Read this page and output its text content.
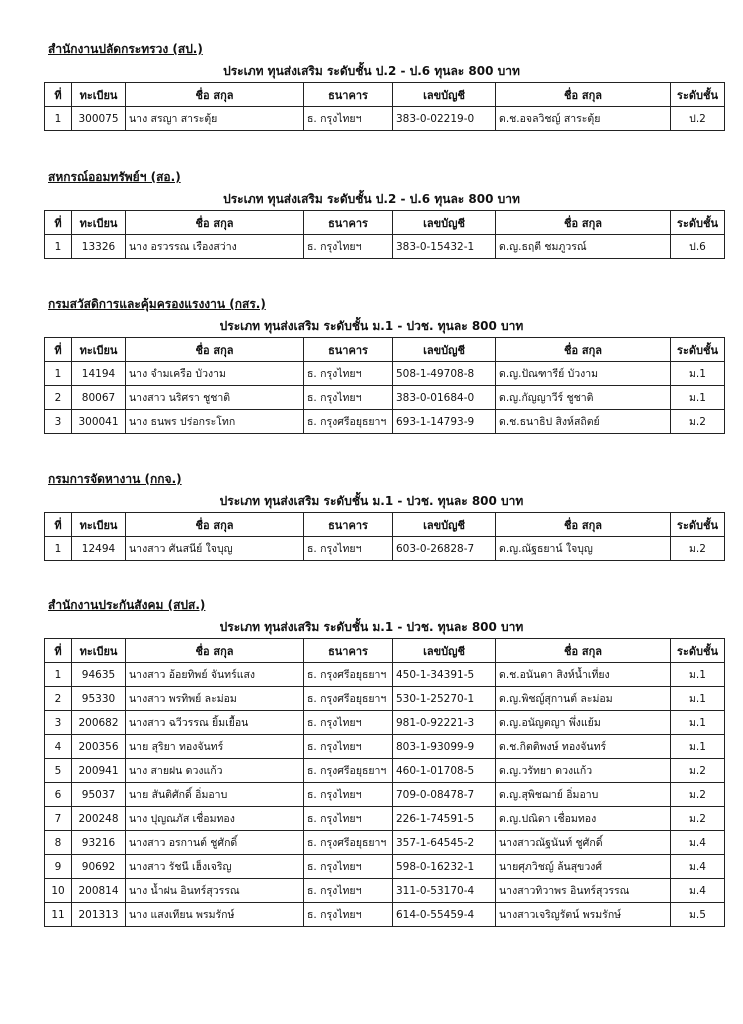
สำนักงานปลัดกระทรวง (สป.)
ประเภท ทุนส่งเสริม ระดับชั้น ป.2 - ป.6 ทุนละ 800 บาท
ที่	ทะเบียน	ชื่อ สกุล	ธนาคาร	เลขบัญชี	ชื่อ สกุล	ระดับชั้น
1	300075	นาง สรญา สาระตุ้ย	ธ. กรุงไทยฯ	383-0-02219-0	ด.ช.อจลวิชญ์ สาระตุ้ย	ป.2
สหกรณ์ออมทรัพย์ฯ (สอ.)
ประเภท ทุนส่งเสริม ระดับชั้น ป.2 - ป.6 ทุนละ 800 บาท
ที่	ทะเบียน	ชื่อ สกุล	ธนาคาร	เลขบัญชี	ชื่อ สกุล	ระดับชั้น
1	13326	นาง อรวรรณ เรืองสว่าง	ธ. กรุงไทยฯ	383-0-15432-1	ด.ญ.ธฤตี ชมภูวรณ์	ป.6
กรมสวัสดิการและคุ้มครองแรงงาน (กสร.)
ประเภท ทุนส่งเสริม ระดับชั้น ม.1 - ปวช. ทุนละ 800 บาท
ที่	ทะเบียน	ชื่อ สกุล	ธนาคาร	เลขบัญชี	ชื่อ สกุล	ระดับชั้น
1	14194	นาง จำมเครือ บัวงาม	ธ. กรุงไทยฯ	508-1-49708-8	ด.ญ.ปัณฑารีย์ บัวงาม	ม.1
2	80067	นางสาว นริศรา ชูชาติ	ธ. กรุงไทยฯ	383-0-01684-0	ด.ญ.กัญญาวีร์ ชูชาติ	ม.1
3	300041	นาง ธนพร ปร่อกระโทก	ธ. กรุงศรีอยุธยาฯ	693-1-14793-9	ด.ช.ธนาธิป สิงห์สถิตย์	ม.2
กรมการจัดหางาน (กกจ.)
ประเภท ทุนส่งเสริม ระดับชั้น ม.1 - ปวช. ทุนละ 800 บาท
ที่	ทะเบียน	ชื่อ สกุล	ธนาคาร	เลขบัญชี	ชื่อ สกุล	ระดับชั้น
1	12494	นางสาว ศันสนีย์ ใจบุญ	ธ. กรุงไทยฯ	603-0-26828-7	ด.ญ.ณัฐธยาน์ ใจบุญ	ม.2
สำนักงานประกันสังคม (สปส.)
ประเภท ทุนส่งเสริม ระดับชั้น ม.1 - ปวช. ทุนละ 800 บาท
ที่	ทะเบียน	ชื่อ สกุล	ธนาคาร	เลขบัญชี	ชื่อ สกุล	ระดับชั้น
1	94635	นางสาว อ้อยทิพย์ จันทร์แสง	ธ. กรุงศรีอยุธยาฯ	450-1-34391-5	ด.ช.อนันตา สิงห์น้ำเที่ยง	ม.1
2	95330	นางสาว พรทิพย์ ละม่อม	ธ. กรุงศรีอยุธยาฯ	530-1-25270-1	ด.ญ.พิชญ์สุกานต์ ละม่อม	ม.1
3	200682	นางสาว ฉวีวรรณ ยิ้มเยื้อน	ธ. กรุงไทยฯ	981-0-92221-3	ด.ญ.อนัญตญา พึ่งแย้ม	ม.1
4	200356	นาย สุริยา ทองจันทร์	ธ. กรุงไทยฯ	803-1-93099-9	ด.ช.กิตติพงษ์ ทองจันทร์	ม.1
5	200941	นาง สายฝน ดวงแก้ว	ธ. กรุงศรีอยุธยาฯ	460-1-01708-5	ด.ญ.วรัทยา ดวงแก้ว	ม.2
6	95037	นาย สันติศักดิ์ อิ่มอาบ	ธ. กรุงไทยฯ	709-0-08478-7	ด.ญ.สุพิชฌาย์ อิ่มอาบ	ม.2
7	200248	นาง ปุญณภัส เชื่อมทอง	ธ. กรุงไทยฯ	226-1-74591-5	ด.ญ.ปณิดา เชื่อมทอง	ม.2
8	93216	นางสาว อรกานต์ ชูศักดิ์	ธ. กรุงศรีอยุธยาฯ	357-1-64545-2	นางสาวณัฐนันท์ ชูศักดิ์	ม.4
9	90692	นางสาว รัชนี เฮ็งเจริญ	ธ. กรุงไทยฯ	598-0-16232-1	นายศุภวิชญ์ ล้นสุขวงศ์	ม.4
10	200814	นาง น้ำฝน อินทร์สุวรรณ	ธ. กรุงไทยฯ	311-0-53170-4	นางสาวทิวาพร อินทร์สุวรรณ	ม.4
11	201313	นาง แสงเทียน พรมรักษ์	ธ. กรุงไทยฯ	614-0-55459-4	นางสาวเจริญรัตน์ พรมรักษ์	ม.5
